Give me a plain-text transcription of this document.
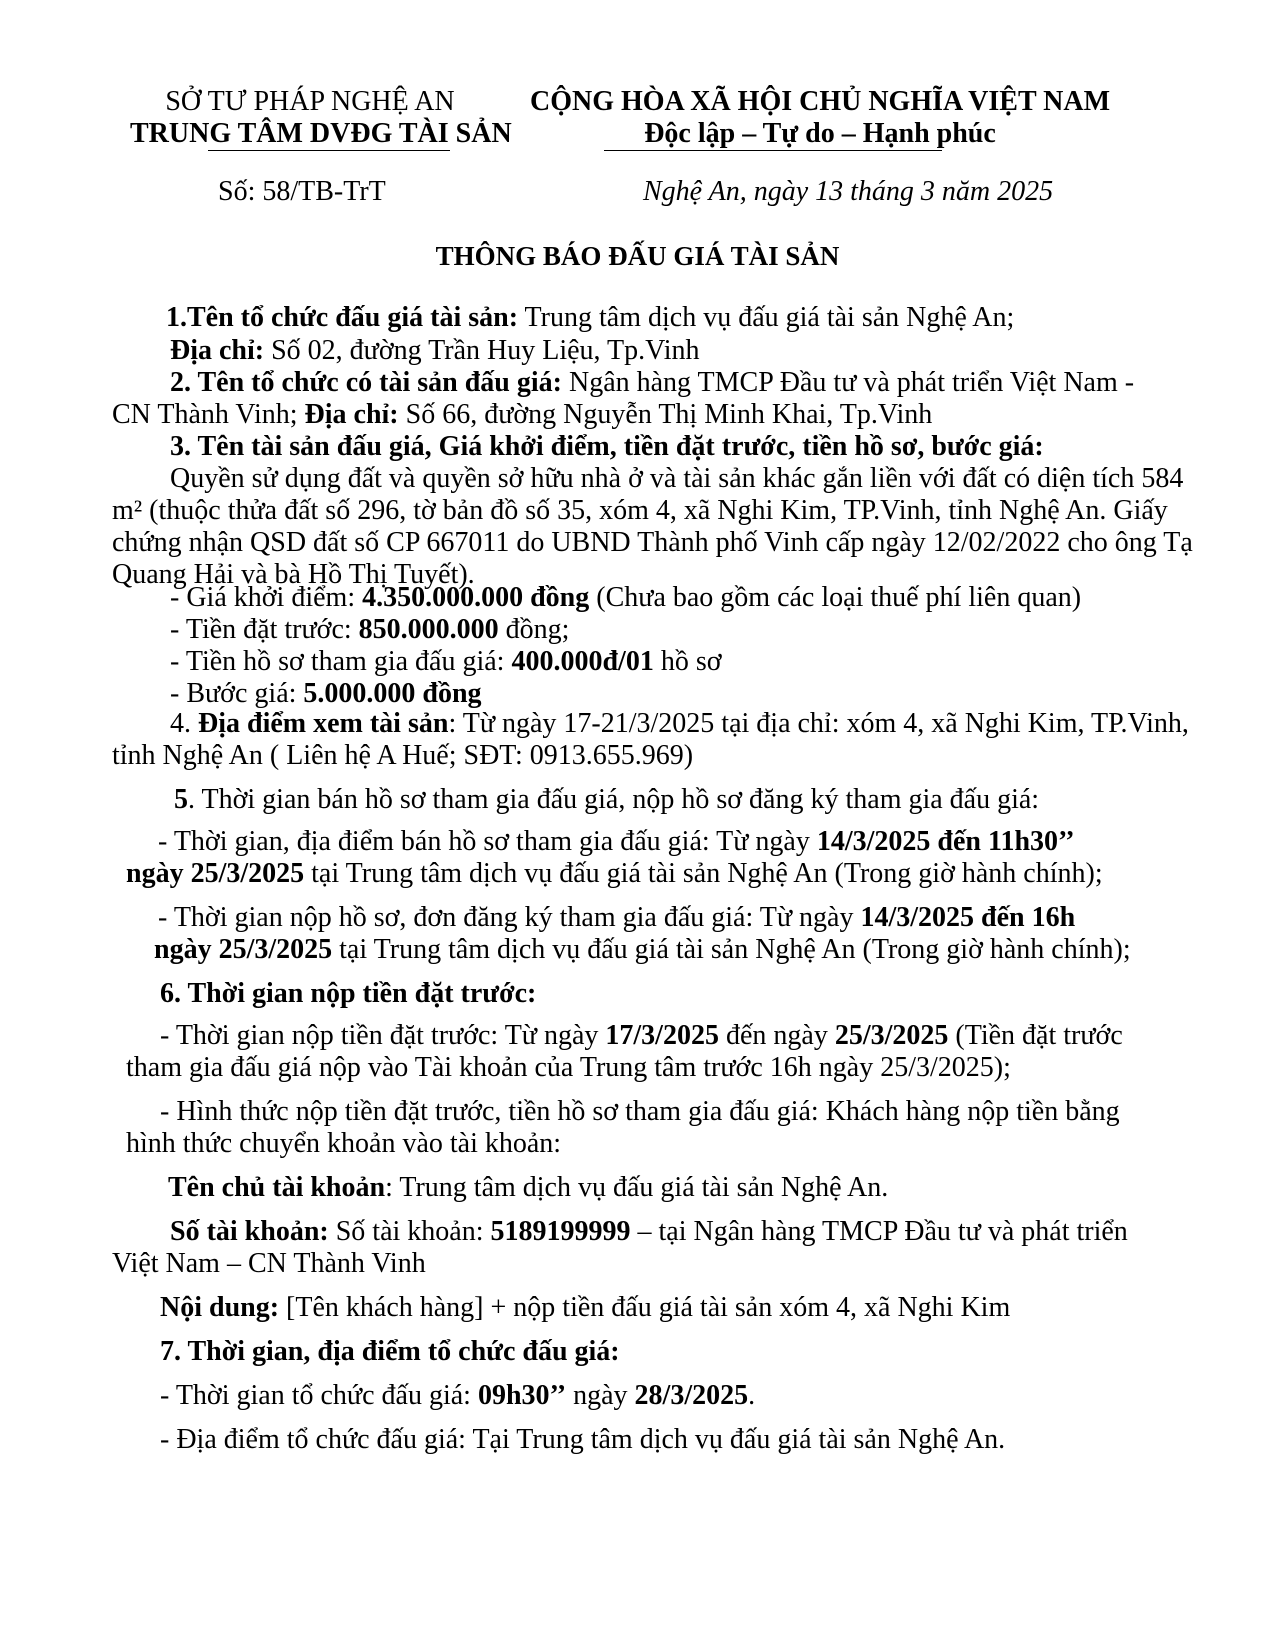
SỞ TƯ PHÁP NGHỆ AN
TRUNG TÂM DVĐG TÀI SẢN
CỘNG HÒA XÃ HỘI CHỦ NGHĨA VIỆT NAM
Độc lập – Tự do – Hạnh phúc
Số: 58/TB-TrT	Nghệ An, ngày 13 tháng 3 năm 2025
THÔNG BÁO ĐẤU GIÁ TÀI SẢN
1.Tên tổ chức đấu giá tài sản: Trung tâm dịch vụ đấu giá tài sản Nghệ An;
Địa chỉ: Số 02, đường Trần Huy Liệu, Tp.Vinh
2. Tên tổ chức có tài sản đấu giá: Ngân hàng TMCP Đầu tư và phát triển Việt Nam -
CN Thành Vinh; Địa chỉ: Số 66, đường Nguyễn Thị Minh Khai, Tp.Vinh
3. Tên tài sản đấu giá, Giá khởi điểm, tiền đặt trước, tiền hồ sơ, bước giá:
Quyền sử dụng đất và quyền sở hữu nhà ở và tài sản khác gắn liền với đất có diện tích 584
m² (thuộc thửa đất số 296, tờ bản đồ số 35, xóm 4, xã Nghi Kim, TP.Vinh, tỉnh Nghệ An. Giấy
chứng nhận QSD đất số CP 667011 do UBND Thành phố Vinh cấp ngày 12/02/2022 cho ông Tạ
Quang Hải và bà Hồ Thị Tuyết).
- Giá khởi điểm: 4.350.000.000 đồng (Chưa bao gồm các loại thuế phí liên quan)
- Tiền đặt trước: 850.000.000 đồng;
- Tiền hồ sơ tham gia đấu giá: 400.000đ/01 hồ sơ
- Bước giá: 5.000.000 đồng
4. Địa điểm xem tài sản: Từ ngày 17-21/3/2025 tại địa chỉ: xóm 4, xã Nghi Kim, TP.Vinh,
tỉnh Nghệ An ( Liên hệ A Huế; SĐT: 0913.655.969)
5. Thời gian bán hồ sơ tham gia đấu giá, nộp hồ sơ đăng ký tham gia đấu giá:
- Thời gian, địa điểm bán hồ sơ tham gia đấu giá: Từ ngày 14/3/2025 đến 11h30’’
ngày 25/3/2025 tại Trung tâm dịch vụ đấu giá tài sản Nghệ An (Trong giờ hành chính);
- Thời gian nộp hồ sơ, đơn đăng ký tham gia đấu giá: Từ ngày 14/3/2025 đến 16h
ngày 25/3/2025 tại Trung tâm dịch vụ đấu giá tài sản Nghệ An (Trong giờ hành chính);
6. Thời gian nộp tiền đặt trước:
- Thời gian nộp tiền đặt trước: Từ ngày 17/3/2025 đến ngày 25/3/2025 (Tiền đặt trước
tham gia đấu giá nộp vào Tài khoản của Trung tâm trước 16h ngày 25/3/2025);
- Hình thức nộp tiền đặt trước, tiền hồ sơ tham gia đấu giá: Khách hàng nộp tiền bằng
hình thức chuyển khoản vào tài khoản:
Tên chủ tài khoản: Trung tâm dịch vụ đấu giá tài sản Nghệ An.
Số tài khoản: Số tài khoản: 5189199999 – tại Ngân hàng TMCP Đầu tư và phát triển
Việt Nam – CN Thành Vinh
Nội dung: [Tên khách hàng] + nộp tiền đấu giá tài sản xóm 4, xã Nghi Kim
7. Thời gian, địa điểm tổ chức đấu giá:
- Thời gian tổ chức đấu giá: 09h30’’ ngày 28/3/2025.
- Địa điểm tổ chức đấu giá: Tại Trung tâm dịch vụ đấu giá tài sản Nghệ An.
